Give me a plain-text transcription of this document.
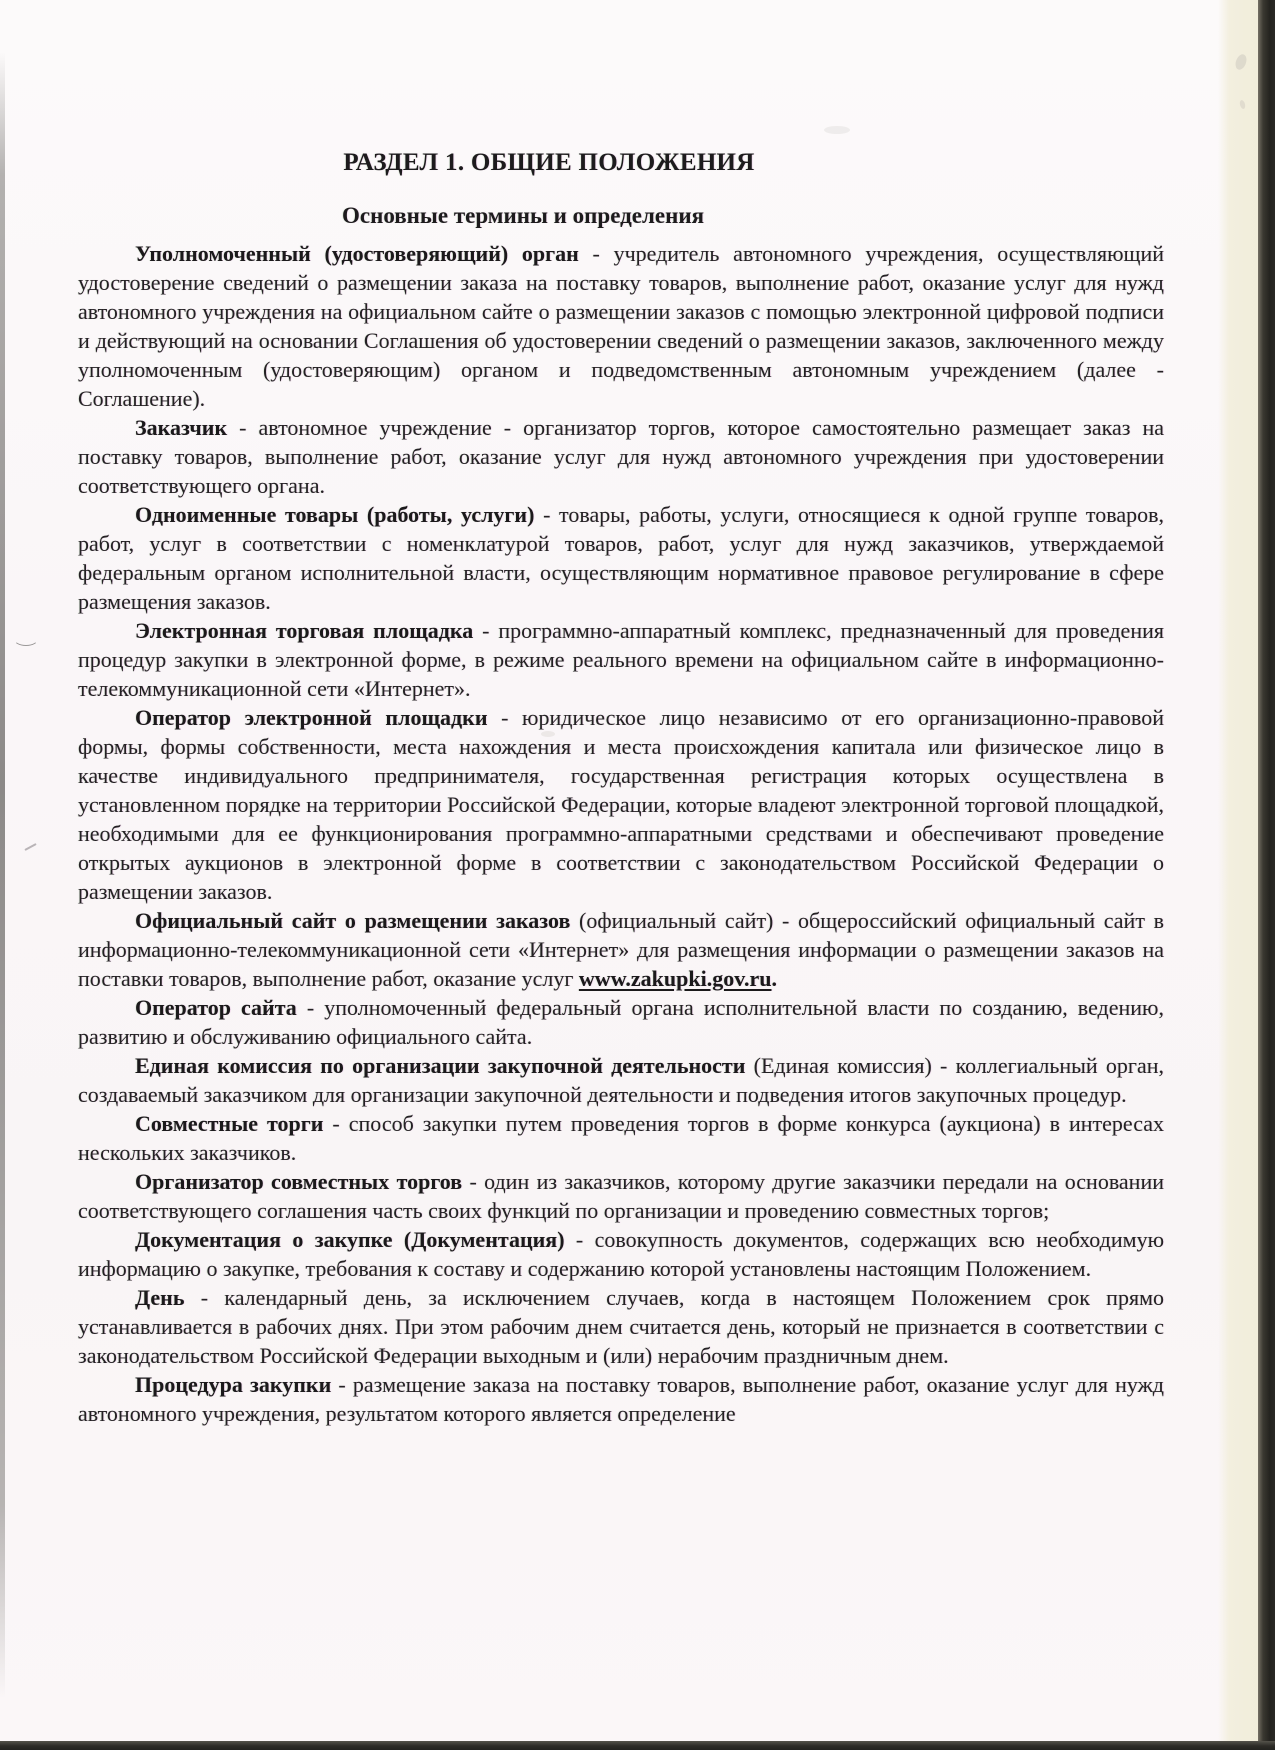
РАЗДЕЛ 1. ОБЩИЕ ПОЛОЖЕНИЯ
Основные термины и определения

Уполномоченный (удостоверяющий) орган - учредитель автономного учреждения, осуществляющий удостоверение сведений о размещении заказа на поставку товаров, выполнение работ, оказание услуг для нужд автономного учреждения на официальном сайте о размещении заказов с помощью электронной цифровой подписи и действующий на основании Соглашения об удостоверении сведений о размещении заказов, заключенного между уполномоченным (удостоверяющим) органом и подведомственным автономным учреждением (далее - Соглашение).

Заказчик - автономное учреждение - организатор торгов, которое самостоятельно размещает заказ на поставку товаров, выполнение работ, оказание услуг для нужд автономного учреждения при удостоверении соответствующего органа.

Одноименные товары (работы, услуги) - товары, работы, услуги, относящиеся к одной группе товаров, работ, услуг в соответствии с номенклатурой товаров, работ, услуг для нужд заказчиков, утверждаемой федеральным органом исполнительной власти, осуществляющим нормативное правовое регулирование в сфере размещения заказов.

Электронная торговая площадка - программно-аппаратный комплекс, предназначенный для проведения процедур закупки в электронной форме, в режиме реального времени на официальном сайте в информационно-телекоммуникационной сети «Интернет».

Оператор электронной площадки - юридическое лицо независимо от его организационно-правовой формы, формы собственности, места нахождения и места происхождения капитала или физическое лицо в качестве индивидуального предпринимателя, государственная регистрация которых осуществлена в установленном порядке на территории Российской Федерации, которые владеют электронной торговой площадкой, необходимыми для ее функционирования программно-аппаратными средствами и обеспечивают проведение открытых аукционов в электронной форме в соответствии с законодательством Российской Федерации о размещении заказов.

Официальный сайт о размещении заказов (официальный сайт) - общероссийский официальный сайт в информационно-телекоммуникационной сети «Интернет» для размещения информации о размещении заказов на поставки товаров, выполнение работ, оказание услуг www.zakupki.gov.ru.

Оператор сайта - уполномоченный федеральный органа исполнительной власти по созданию, ведению, развитию и обслуживанию официального сайта.

Единая комиссия по организации закупочной деятельности (Единая комиссия) - коллегиальный орган, создаваемый заказчиком для организации закупочной деятельности и подведения итогов закупочных процедур.

Совместные торги - способ закупки путем проведения торгов в форме конкурса (аукциона) в интересах нескольких заказчиков.

Организатор совместных торгов - один из заказчиков, которому другие заказчики передали на основании соответствующего соглашения часть своих функций по организации и проведению совместных торгов;

Документация о закупке (Документация) - совокупность документов, содержащих всю необходимую информацию о закупке, требования к составу и содержанию которой установлены настоящим Положением.

День - календарный день, за исключением случаев, когда в настоящем Положением срок прямо устанавливается в рабочих днях. При этом рабочим днем считается день, который не признается в соответствии с законодательством Российской Федерации выходным и (или) нерабочим праздничным днем.

Процедура закупки - размещение заказа на поставку товаров, выполнение работ, оказание услуг для нужд автономного учреждения, результатом которого является определение
